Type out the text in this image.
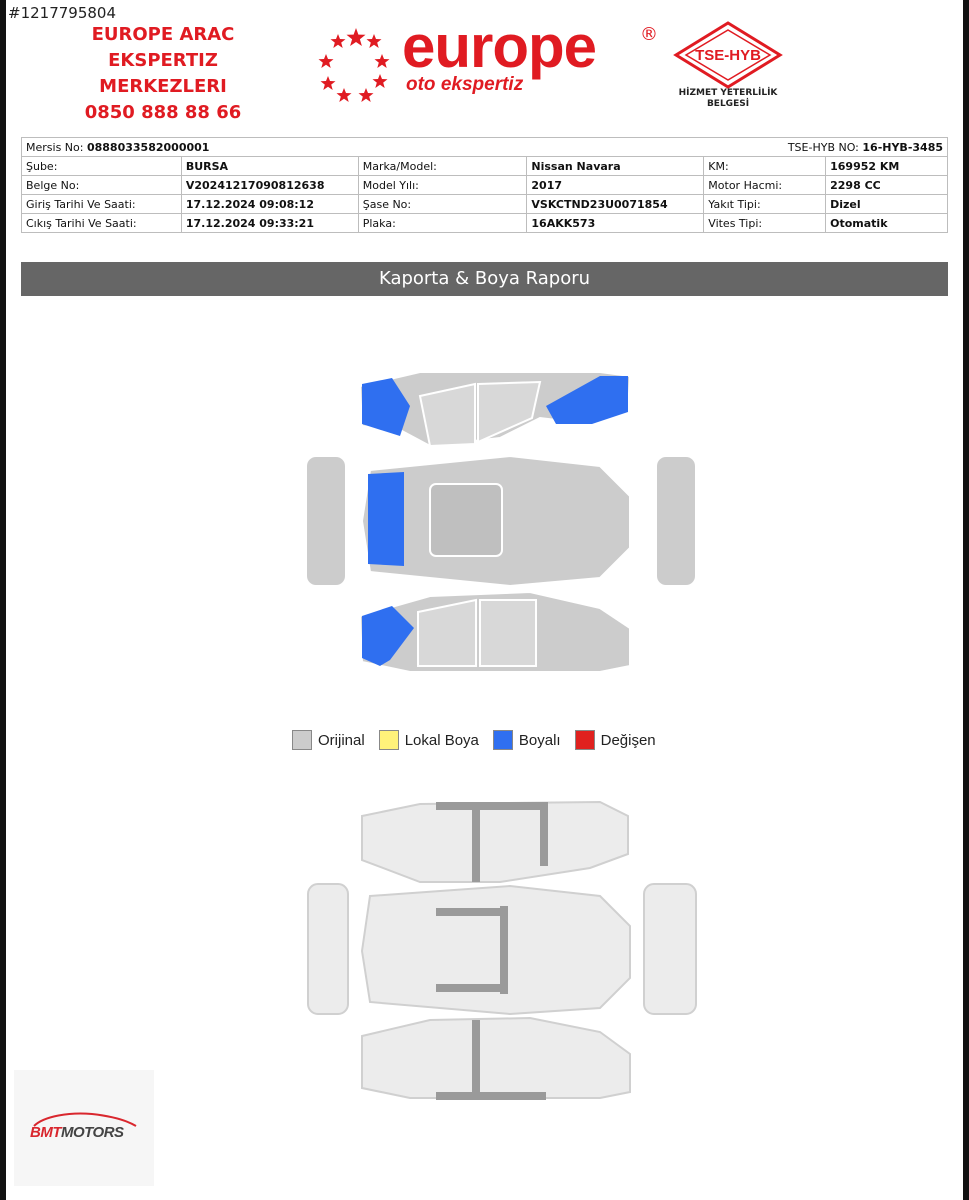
#1217795804
EUROPE ARAC EKSPERTIZ
MERKEZLERI
0850 888 88 66
europe ®
oto ekspertiz
TSE-HYB
HİZMET YETERLİLİK
BELGESİ
Mersis No: 0888033582000001			TSE-HYB NO: 16-HYB-3485		
Şube:	BURSA	Marka/Model:	Nissan Navara	KM:	169952 KM
Belge No:	V20241217090812638	Model Yılı:	2017	Motor Hacmi:	2298 CC
Giriş Tarihi Ve Saati:	17.12.2024 09:08:12	Şase No:	VSKCTND23U0071854	Yakıt Tipi:	Dizel
Cıkış Tarihi Ve Saati:	17.12.2024 09:33:21	Plaka:	16AKK573	Vites Tipi:	Otomatik
Kaporta & Boya Raporu
Orijinal	Lokal Boya	Boyalı	Değişen
BMTMOTORS
